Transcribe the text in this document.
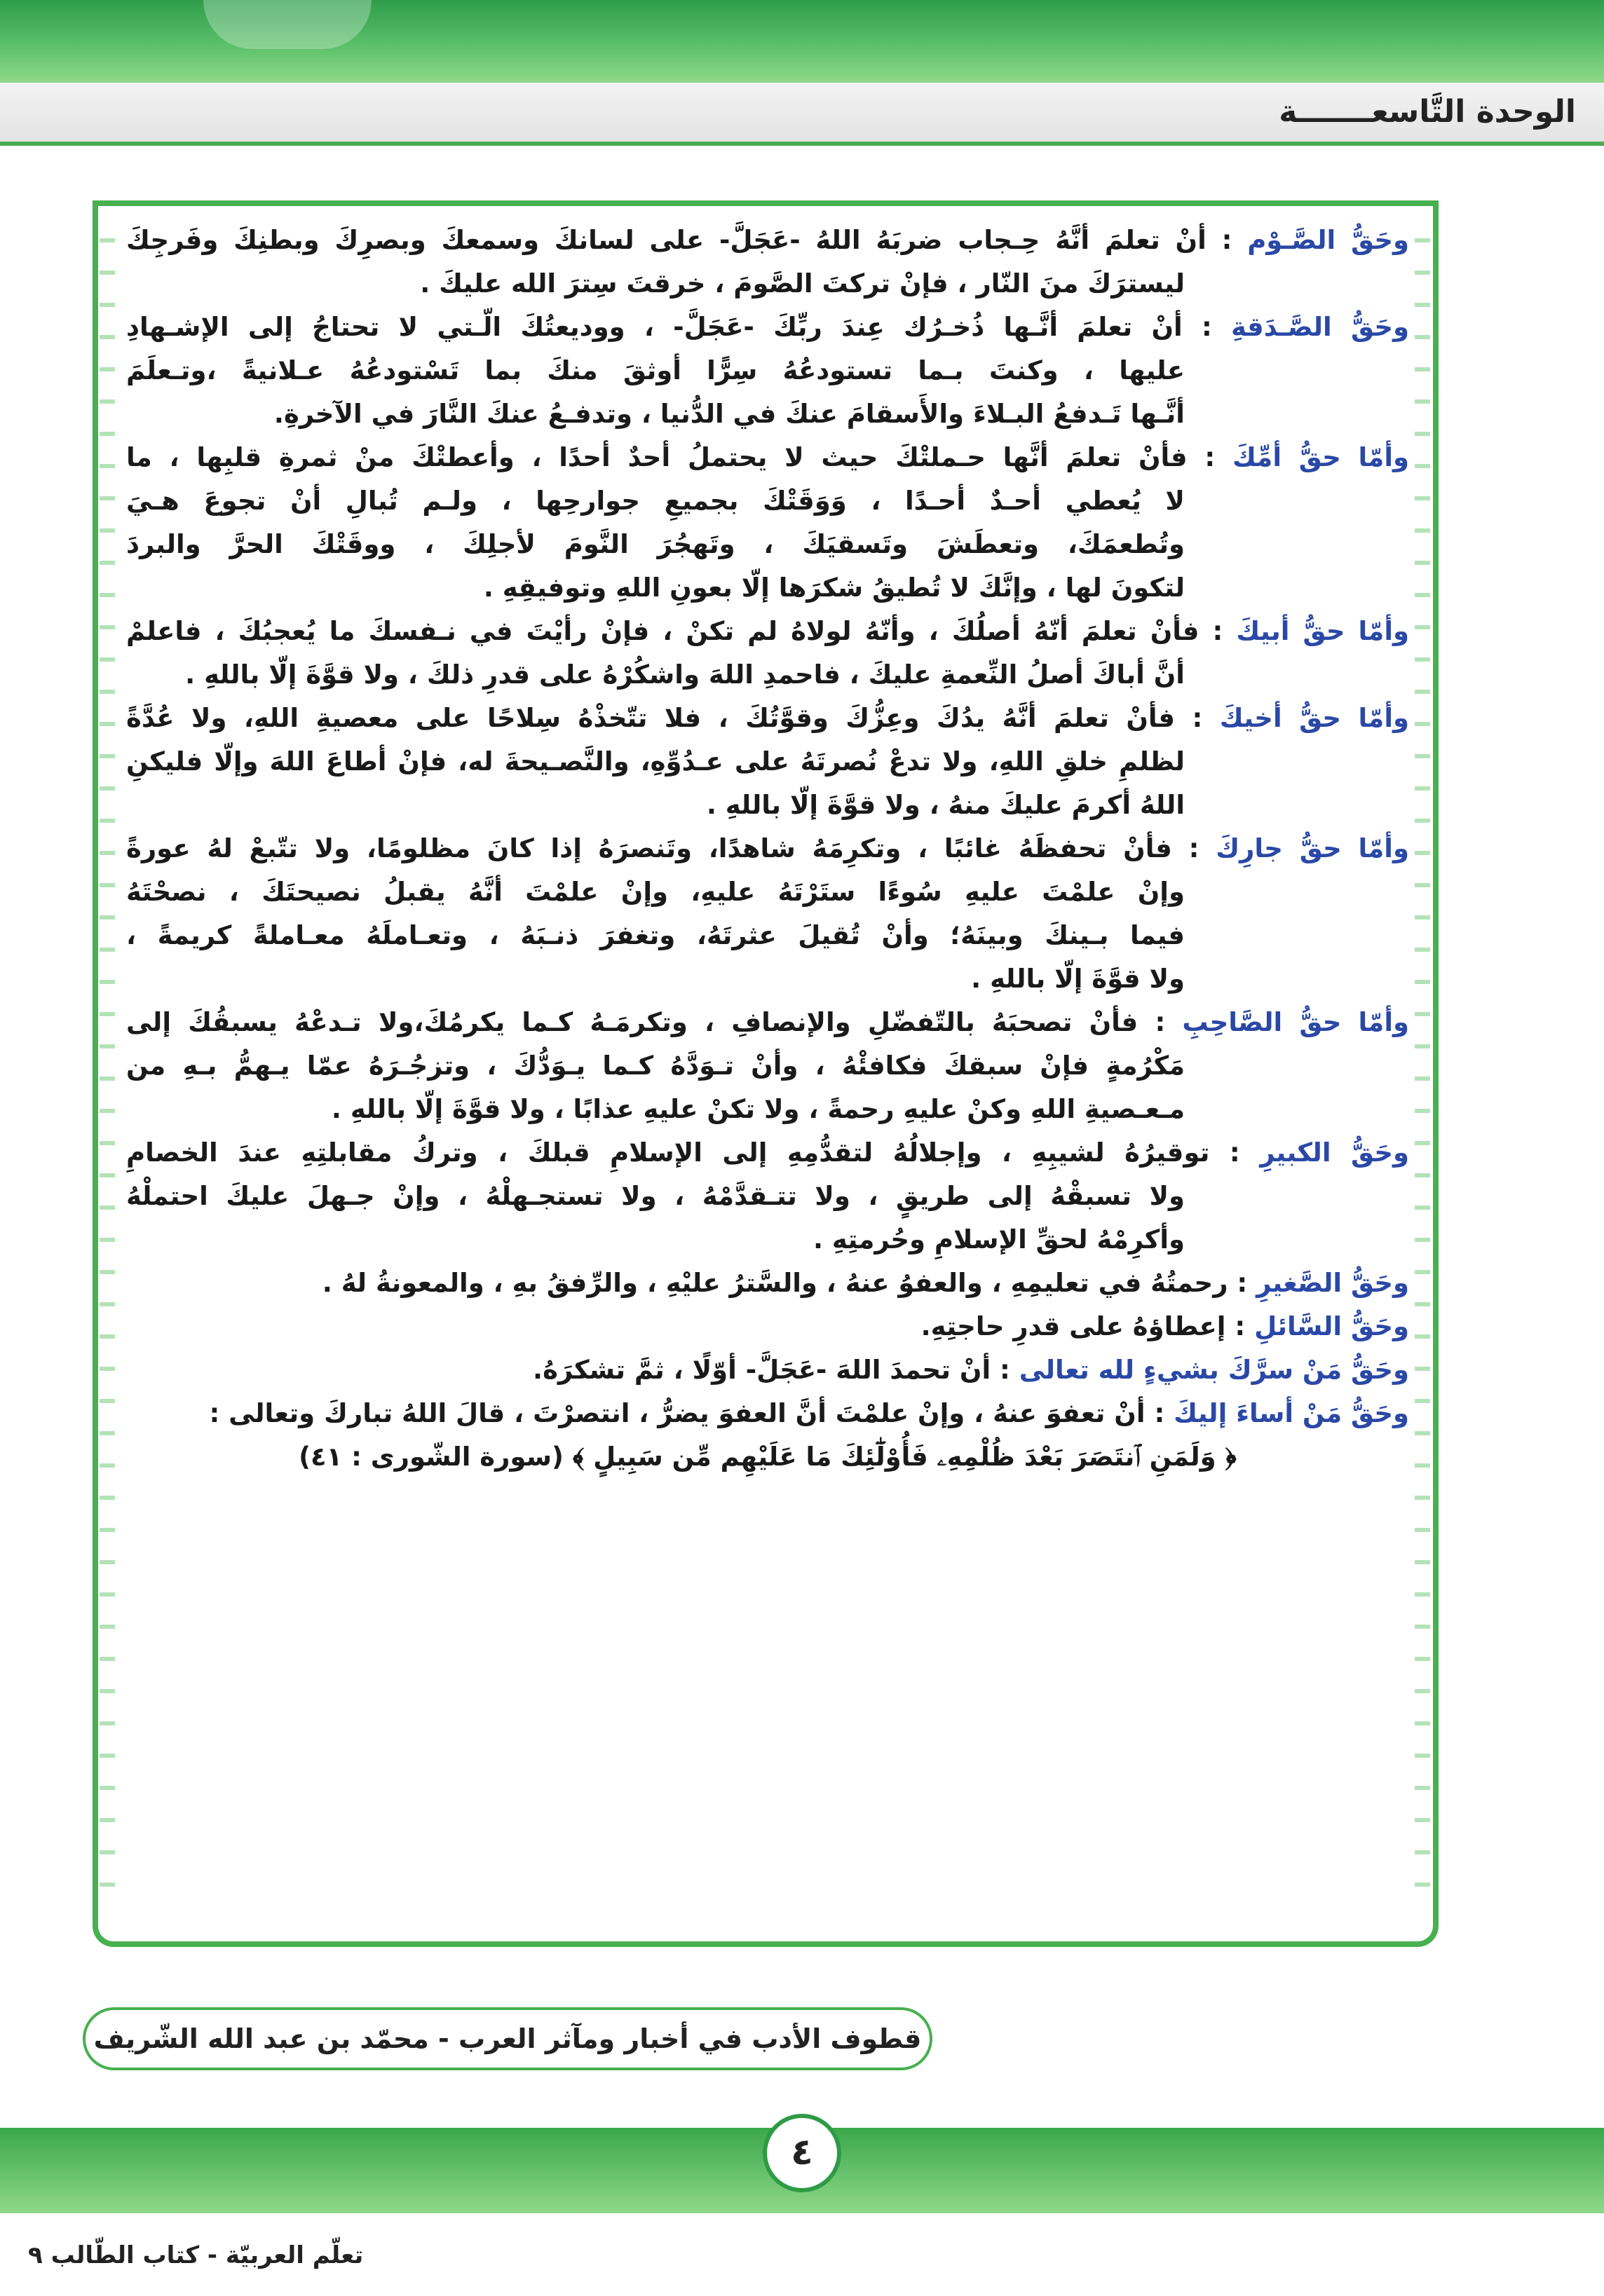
الوحدة التَّاسعـــــــة
وحَقُّ الصَّـوْم : أنْ تعلمَ أنَّهُ حِـجاب ضربَهُ اللهُ -عَجَلَّ- على لسانكَ وسمعكَ وبصرِكَ وبطنِكَ وفَرجِكَ
ليسترَكَ منَ النّار ، فإنْ تركتَ الصَّومَ ، خرقتَ سِترَ الله عليكَ .
وحَقُّ الصَّـدَقةِ : أنْ تعلمَ أنَّـها ذُخـرُك عِندَ ربِّكَ -عَجَلَّ- ، ووديعتُكَ الّـتي لا تحتاجُ إلى الإشـهادِ
عليها ، وكنتَ بـما تستودعُهُ سِرًّا أوثقَ منكَ بما تَسْتودعُهُ عـلانيةً ،وتـعلَمَ
أنَّـها تَـدفعُ البـلاءَ والأَسقامَ عنكَ في الدُّنيا ، وتدفـعُ عنكَ النَّارَ في الآخرةِ.
وأمّا حقُّ أمِّكَ : فأنْ تعلمَ أنَّها حـملتْكَ حيث لا يحتملُ أحدٌ أحدًا ، وأعطتْكَ منْ ثمرةِ قلبِها ، ما
لا يُعطي أحـدٌ أحـدًا ، وَوَقَتْكَ بجميعِ جوارحِها ، ولـم تُبالِ أنْ تجوعَ هـيَ
وتُطعمَكَ، وتعطَشَ وتَسقيَكَ ، وتَهجُرَ النَّومَ لأجلِكَ ، ووقَتْكَ الحرَّ والبردَ
لتكونَ لها ، وإنَّكَ لا تُطيقُ شكرَها إلّا بعونِ اللهِ وتوفيقِهِ .
وأمّا حقُّ أبيكَ : فأنْ تعلمَ أنّهُ أصلُكَ ، وأنّهُ لولاهُ لم تكنْ ، فإنْ رأيْتَ في نـفسكَ ما يُعجبُكَ ، فاعلمْ
أنَّ أباكَ أصلُ النِّعمةِ عليكَ ، فاحمدِ اللهَ واشكُرْهُ على قدرِ ذلكَ ، ولا قوَّةَ إلّا باللهِ .
وأمّا حقُّ أخيكَ : فأنْ تعلمَ أنَّهُ يدُكَ وعِزُّكَ وقوَّتُكَ ، فلا تتّخذْهُ سِلاحًا على معصيةِ اللهِ، ولا عُدَّةً
لظلمِ خلقِ اللهِ، ولا تدعْ نُصرتَهُ على عـدُوِّهِ، والنَّصـيحةَ له، فإنْ أطاعَ اللهَ وإلّا فليكنِ
اللهُ أكرمَ عليكَ منهُ ، ولا قوَّةَ إلّا باللهِ .
وأمّا حقُّ جارِكَ : فأنْ تحفظَهُ غائبًا ، وتكرِمَهُ شاهدًا، وتَنصرَهُ إذا كانَ مظلومًا، ولا تتّبعْ لهُ عورةً
وإنْ علمْتَ عليهِ سُوءًا ستَرْتَهُ عليهِ، وإنْ علمْتَ أنَّهُ يقبلُ نصيحتَكَ ، نصحْتَهُ
فيما بـينكَ وبينَهُ؛ وأنْ تُقيلَ عثرتَهُ، وتغفرَ ذنـبَهُ ، وتعـاملَهُ معـاملةً كريمةً ،
ولا قوَّةَ إلّا باللهِ .
وأمّا حقُّ الصَّاحِبِ : فأنْ تصحبَهُ بالتّفضّلِ والإنصافِ ، وتكرمَـهُ كـما يكرمُكَ،ولا تـدعْهُ يسبقُكَ إلى
مَكْرُمةٍ فإنْ سبقكَ فكافئْهُ ، وأنْ تـوَدَّهُ كـما يـوَدُّكَ ، وتزجُـرَهُ عمّا يـهمُّ بـهِ من
مـعـصيةِ اللهِ وكنْ عليهِ رحمةً ، ولا تكنْ عليهِ عذابًا ، ولا قوَّةَ إلّا باللهِ .
وحَقُّ الكبيرِ : توقيرُهُ لشيبِهِ ، وإجلالُهُ لتقدُّمِهِ إلى الإسلامِ قبلكَ ، وتركُ مقابلتِهِ عندَ الخصامِ
ولا تسبقْهُ إلى طريقٍ ، ولا تتـقدَّمْهُ ، ولا تستجـهلْهُ ، وإنْ جـهلَ عليكَ احتملْهُ
وأكرِمْهُ لحقِّ الإسلامِ وحُرمتِهِ .
وحَقُّ الصَّغيرِ : رحمتُهُ في تعليمِهِ ، والعفوُ عنهُ ، والسَّترُ عليْهِ ، والرِّفقُ بهِ ، والمعونةُ لهُ .
وحَقُّ السَّائلِ : إعطاؤهُ على قدرِ حاجتِهِ.
وحَقُّ مَنْ سرَّكَ بشيءٍ لله تعالى : أنْ تحمدَ اللهَ -عَجَلَّ- أوّلًا ، ثمَّ تشكرَهُ.
وحَقُّ مَنْ أساءَ إليكَ : أنْ تعفوَ عنهُ ، وإنْ علمْتَ أنَّ العفوَ يضرُّ ، انتصرْتَ ، قالَ اللهُ تباركَ وتعالى :
﴿ وَلَمَنِ ٱنتَصَرَ بَعْدَ ظُلْمِهِۦ فَأُوْلَٰٓئِكَ مَا عَلَيْهِم مِّن سَبِيلٍ ﴾ (سورة الشّورى : ٤١)
قطوف الأدب في أخبار ومآثر العرب - محمّد بن عبد الله الشّريف
٤
تعلّم العربيّة - كتاب الطّالب ٩
